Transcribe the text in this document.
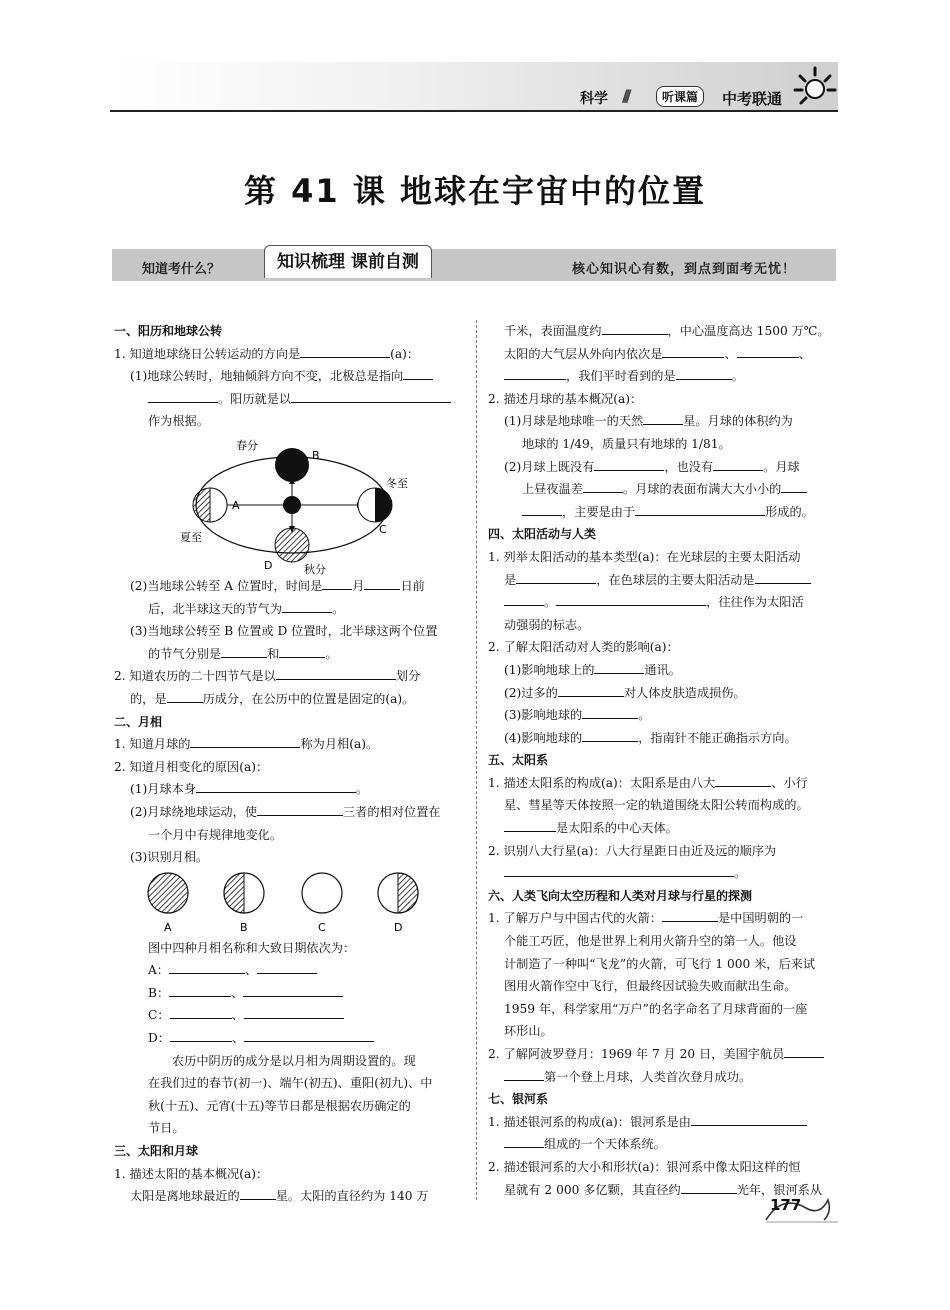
科学 ///	听课篇	中考联通
第 41 课 地球在宇宙中的位置
知道考什么？	知识梳理 课前自测	核心知识心有数，到点到面考无忧！

一、阳历和地球公转

1. 知道地球绕日公转运动的方向是	(a)：

(1)地球公转时，地轴倾斜方向不变，北极总是指向

。阳历就是以

作为根据。

春分
B
A
夏至
冬至
C
D	秋分

(2)当地球公转至 A 位置时，时间是 月	日前

后，北半球这天的节气为	。

(3)当地球公转至 B 位置或 D 位置时，北半球这两个位置

的节气分别是	和	。

2. 知道农历的二十四节气是以	划分

的，是	历成分，在公历中的位置是固定的(a)。

二、月相

1. 知道月球的	称为月相(a)。

2. 知道月相变化的原因(a)：

(1)月球本身	。

(2)月球绕地球运动，使	三者的相对位置在

一个月中有规律地变化。

(3)识别月相。

A	B	C	D

图中四种月相名称和大致日期依次为：

A：	、

B：	、

C：	、

D：	、

农历中阴历的成分是以月相为周期设置的。现

在我们过的春节(初一)、端午(初五)、重阳(初九)、中

秋(十五)、元宵(十五)等节日都是根据农历确定的

节日。

三、太阳和月球

1. 描述太阳的基本概况(a)：

太阳是离地球最近的	星。太阳的直径约为 140 万

千米，表面温度约	，中心温度高达 1500 万℃。

太阳的大气层从外向内依次是	、	、

，我们平时看到的是	。

2. 描述月球的基本概况(a)：

(1)月球是地球唯一的天然	星。月球的体积约为

地球的 1/49，质量只有地球的 1/81。

(2)月球上既没有	，也没有	。月球

上昼夜温差	。月球的表面布满大大小小的

，主要是由于	形成的。

四、太阳活动与人类

1. 列举太阳活动的基本类型(a)：在光球层的主要太阳活动

是	，在色球层的主要太阳活动是

。	，往往作为太阳活

动强弱的标志。

2. 了解太阳活动对人类的影响(a)：

(1)影响地球上的	通讯。

(2)过多的	对人体皮肤造成损伤。

(3)影响地球的	。

(4)影响地球的	，指南针不能正确指示方向。

五、太阳系

1. 描述太阳系的构成(a)：太阳系是由八大	、小行

星、彗星等天体按照一定的轨道围绕太阳公转而构成的。

是太阳系的中心天体。

2. 识别八大行星(a)：八大行星距日由近及远的顺序为

。

六、人类飞向太空历程和人类对月球与行星的探测

1. 了解万户与中国古代的火箭：	是中国明朝的一

个能工巧匠，他是世界上利用火箭升空的第一人。他设

计制造了一种叫“飞龙”的火箭，可飞行 1 000 米，后来试

图用火箭作空中飞行，但最终因试验失败而献出生命。

1959 年，科学家用“万户”的名字命名了月球背面的一座

环形山。

2. 了解阿波罗登月：1969 年 7 月 20 日，美国宇航员

第一个登上月球，人类首次登月成功。

七、银河系

1. 描述银河系的构成(a)：银河系是由

组成的一个天体系统。

2. 描述银河系的大小和形状(a)：银河系中像太阳这样的恒

星就有 2 000 多亿颗，其直径约	光年，银河系从

177
